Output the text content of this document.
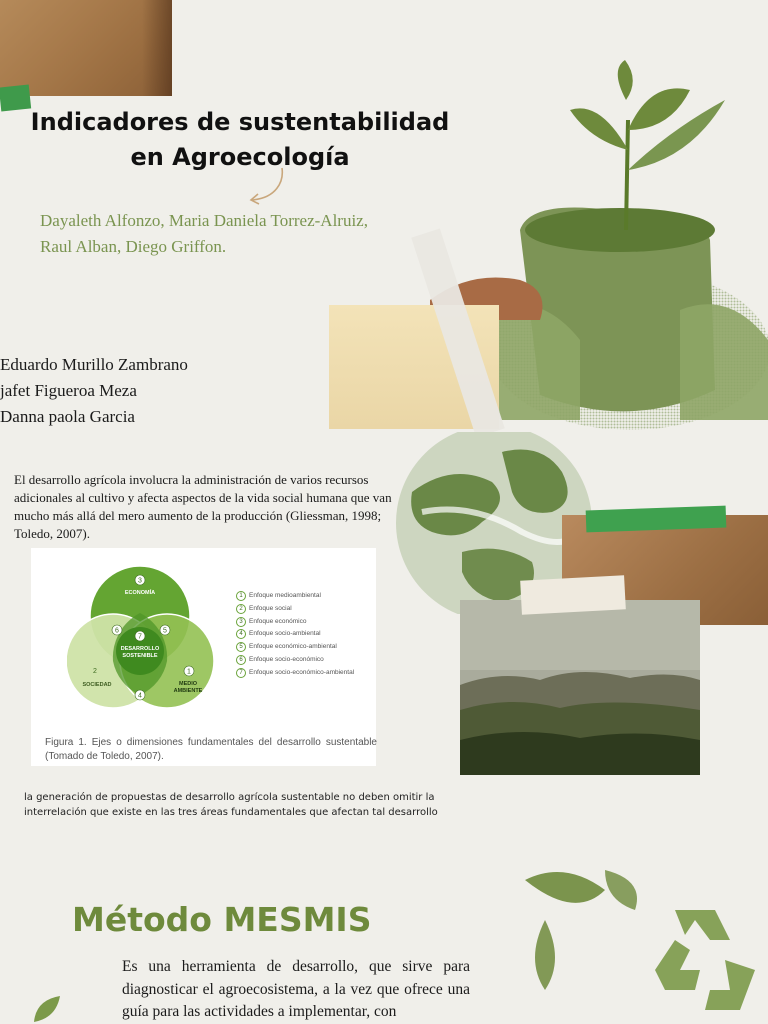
Indicadores de sustentabilidad
en Agroecología
Dayaleth Alfonzo, Maria Daniela Torrez-Alruiz, Raul Alban, Diego Griffon.
Eduardo Murillo Zambrano
jafet Figueroa Meza
Danna paola Garcia
El desarrollo agrícola involucra la administración de varios recursos adicionales al cultivo y afecta aspectos de la vida social humana que van mucho más allá del mero aumento de la producción (Gliessman, 1998; Toledo, 2007).
3
ECONOMÍA
6	5
7
DESARROLLO
SOSTENIBLE
2
SOCIEDAD
1
MEDIO
AMBIENTE
4
1 Enfoque medioambiental
2 Enfoque social
3 Enfoque económico
4 Enfoque socio-ambiental
5 Enfoque económico-ambiental
6 Enfoque socio-económico
7 Enfoque socio-económico-ambiental
Figura 1. Ejes o dimensiones fundamentales del desarrollo sustentable (Tomado de Toledo, 2007).
la generación de propuestas de desarrollo agrícola sustentable no deben omitir la interrelación que existe en las tres áreas fundamentales que afectan tal desarrollo
Método MESMIS
Es una herramienta de desarrollo, que sirve para diagnosticar el agroecosistema, a la vez que ofrece una guía para las actividades a implementar, con
